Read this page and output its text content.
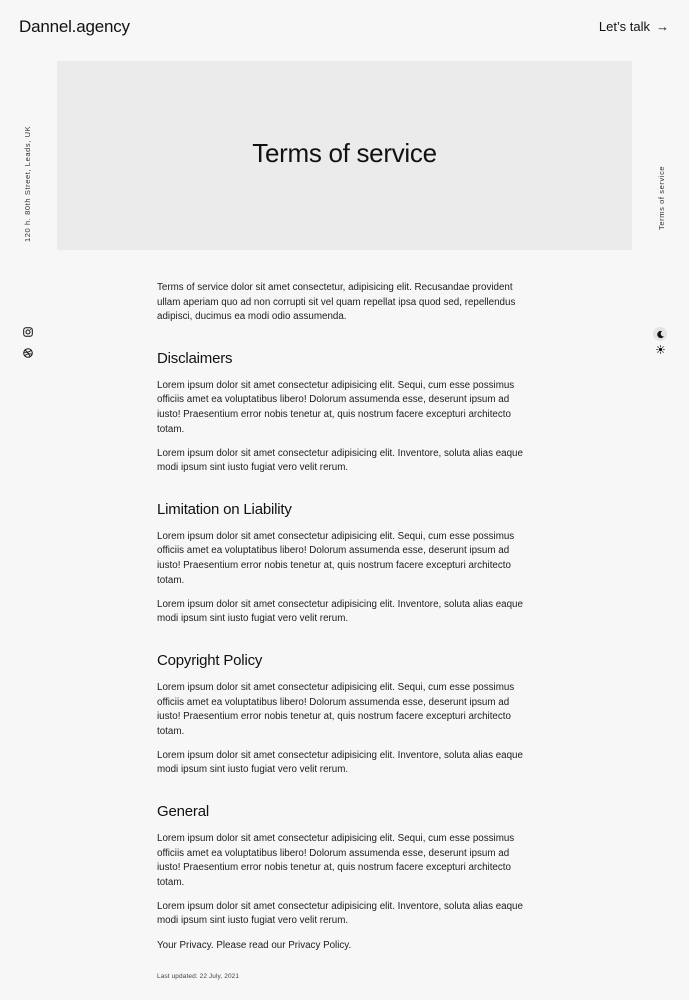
Dannel.agency	Let’s talk →
Terms of service
120 h. 80th Street, Leads, UK	Terms of service

Terms of service dolor sit amet consectetur, adipisicing elit. Recusandae provident ullam aperiam quo ad non corrupti sit vel quam repellat ipsa quod sed, repellendus adipisci, ducimus ea modi odio assumenda.

Disclaimers

Lorem ipsum dolor sit amet consectetur adipisicing elit. Sequi, cum esse possimus officiis amet ea voluptatibus libero! Dolorum assumenda esse, deserunt ipsum ad iusto! Praesentium error nobis tenetur at, quis nostrum facere excepturi architecto totam.

Lorem ipsum dolor sit amet consectetur adipisicing elit. Inventore, soluta alias eaque modi ipsum sint iusto fugiat vero velit rerum.

Limitation on Liability

Lorem ipsum dolor sit amet consectetur adipisicing elit. Sequi, cum esse possimus officiis amet ea voluptatibus libero! Dolorum assumenda esse, deserunt ipsum ad iusto! Praesentium error nobis tenetur at, quis nostrum facere excepturi architecto totam.

Lorem ipsum dolor sit amet consectetur adipisicing elit. Inventore, soluta alias eaque modi ipsum sint iusto fugiat vero velit rerum.

Copyright Policy

Lorem ipsum dolor sit amet consectetur adipisicing elit. Sequi, cum esse possimus officiis amet ea voluptatibus libero! Dolorum assumenda esse, deserunt ipsum ad iusto! Praesentium error nobis tenetur at, quis nostrum facere excepturi architecto totam.

Lorem ipsum dolor sit amet consectetur adipisicing elit. Inventore, soluta alias eaque modi ipsum sint iusto fugiat vero velit rerum.

General

Lorem ipsum dolor sit amet consectetur adipisicing elit. Sequi, cum esse possimus officiis amet ea voluptatibus libero! Dolorum assumenda esse, deserunt ipsum ad iusto! Praesentium error nobis tenetur at, quis nostrum facere excepturi architecto totam.

Lorem ipsum dolor sit amet consectetur adipisicing elit. Inventore, soluta alias eaque modi ipsum sint iusto fugiat vero velit rerum.

Your Privacy. Please read our Privacy Policy.

Last updated: 22 July, 2021
